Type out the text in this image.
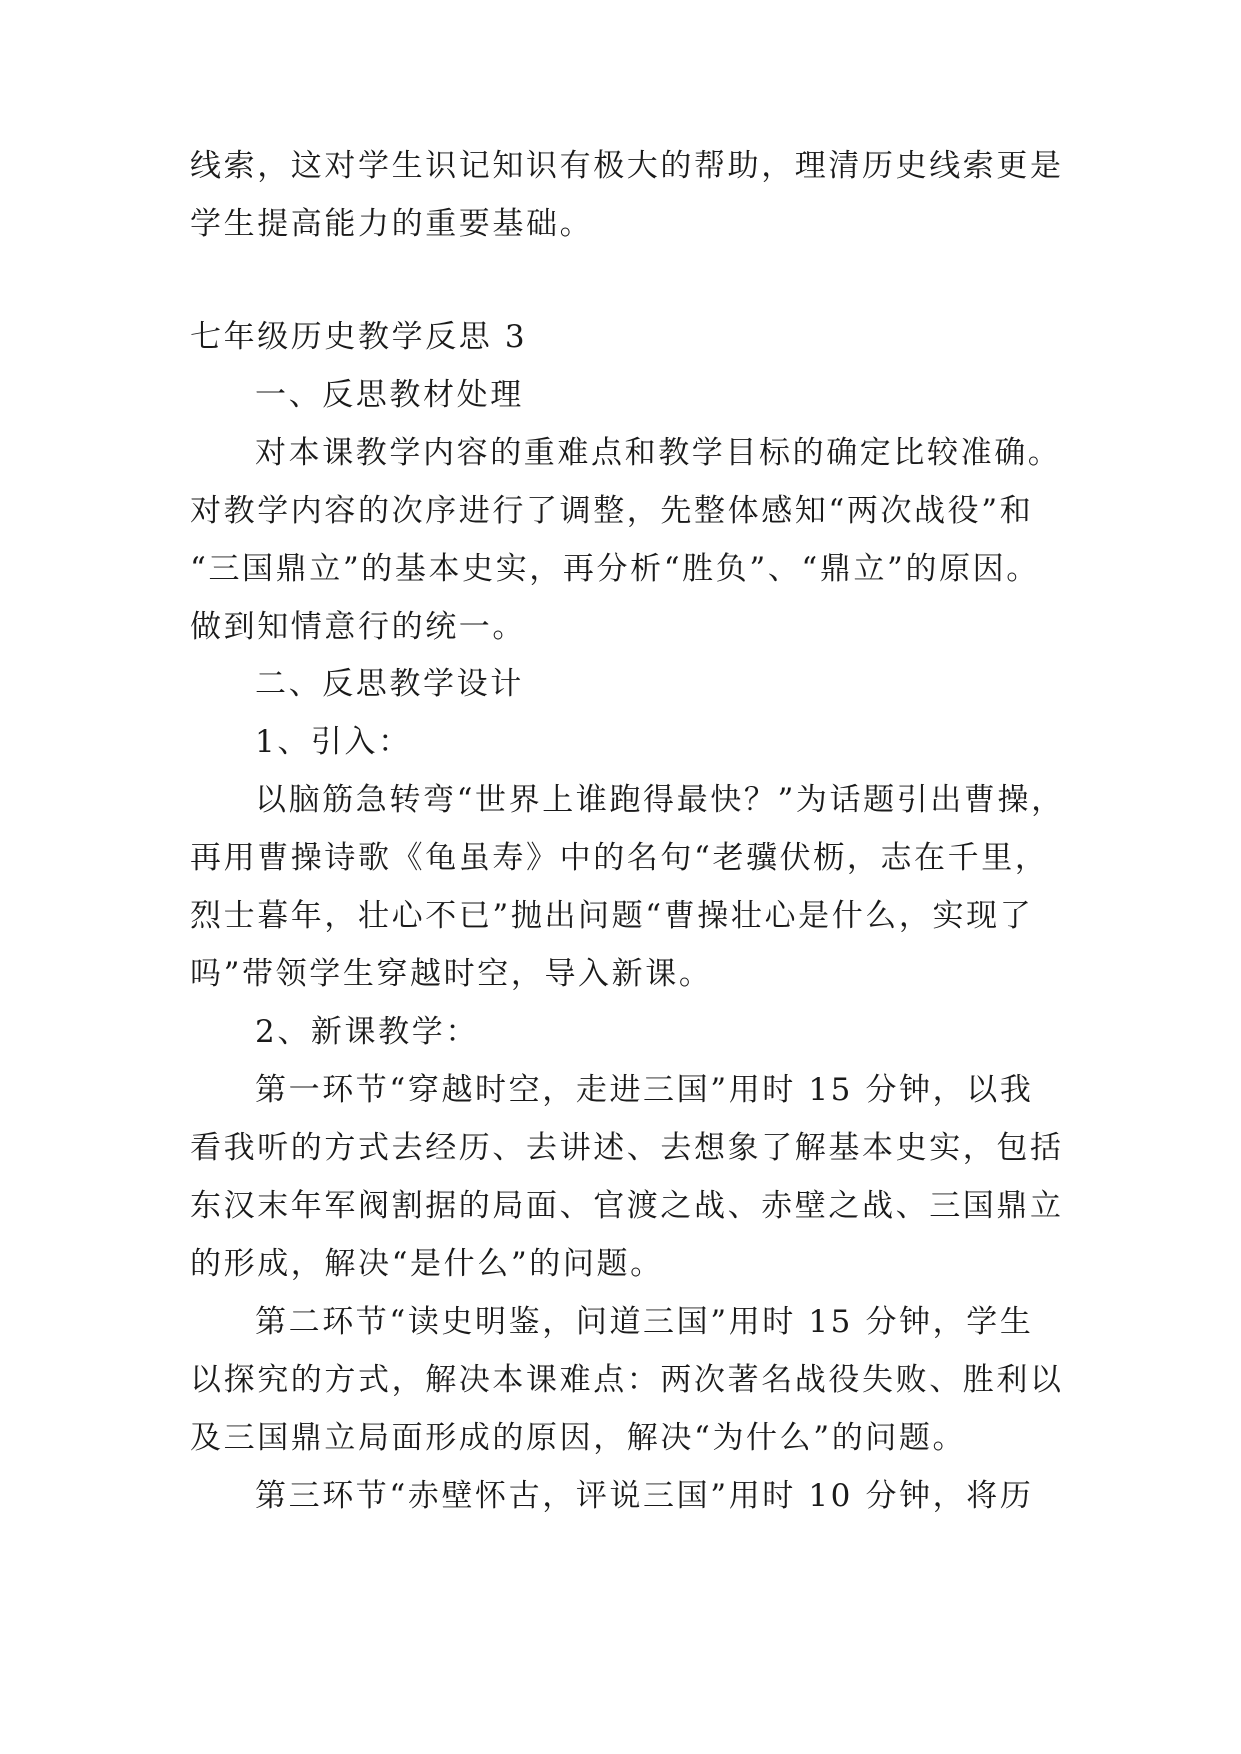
线索，这对学生识记知识有极大的帮助，理清历史线索更是
学生提高能力的重要基础。
七年级历史教学反思 3
一、反思教材处理
对本课教学内容的重难点和教学目标的确定比较准确。
对教学内容的次序进行了调整，先整体感知“两次战役”和
“三国鼎立”的基本史实，再分析“胜负”、“鼎立”的原因。
做到知情意行的统一。
二、反思教学设计
1、引入：
以脑筋急转弯“世界上谁跑得最快？”为话题引出曹操，
再用曹操诗歌《龟虽寿》中的名句“老骥伏枥，志在千里，
烈士暮年，壮心不已”抛出问题“曹操壮心是什么，实现了
吗”带领学生穿越时空，导入新课。
2、新课教学：
第一环节“穿越时空，走进三国”用时 15 分钟，以我
看我听的方式去经历、去讲述、去想象了解基本史实，包括
东汉末年军阀割据的局面、官渡之战、赤壁之战、三国鼎立
的形成，解决“是什么”的问题。
第二环节“读史明鉴，问道三国”用时 15 分钟，学生
以探究的方式，解决本课难点：两次著名战役失败、胜利以
及三国鼎立局面形成的原因，解决“为什么”的问题。
第三环节“赤壁怀古，评说三国”用时 10 分钟，将历
